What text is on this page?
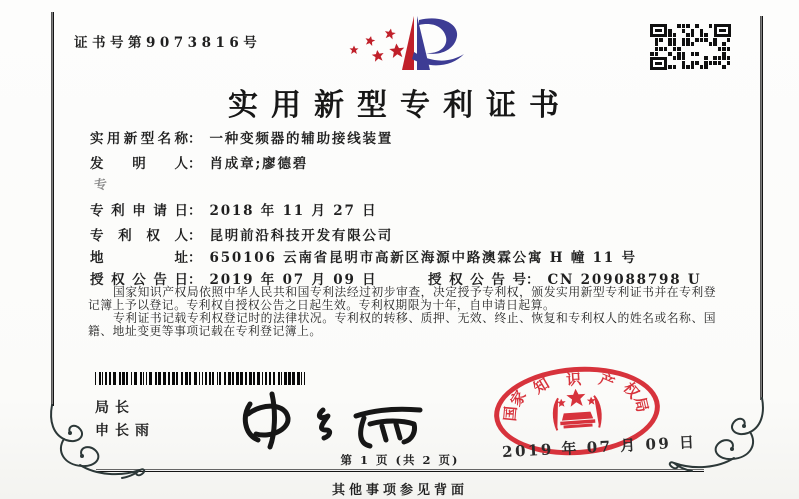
证书号第9073816号
实用新型专利证书
实用新型名称： 一种变频器的辅助接线装置
发明人： 肖成章;廖德碧
专
专利申请日： 2018 年 11 月 27 日
专利权人： 昆明前沿科技开发有限公司
地址： 650106 云南省昆明市高新区海源中路澳霖公寓 H 幢 11 号
授权公告日： 2019 年 07 月 09 日	授权公告号： CN 209088798 U

国家知识产权局依照中华人民共和国专利法经过初步审查，决定授予专利权，颁发实用新型专利证书并在专利登记簿上予以登记。专利权自授权公告之日起生效。专利权期限为十年，自申请日起算。

专利证书记载专利权登记时的法律状况。专利权的转移、质押、无效、终止、恢复和专利权人的姓名或名称、国籍、地址变更等事项记载在专利登记簿上。

局长
申长雨
国
家
知 识 产 权
局
2019 年 07 月 09 日
第 1 页 (共 2 页)
其他事项参见背面
